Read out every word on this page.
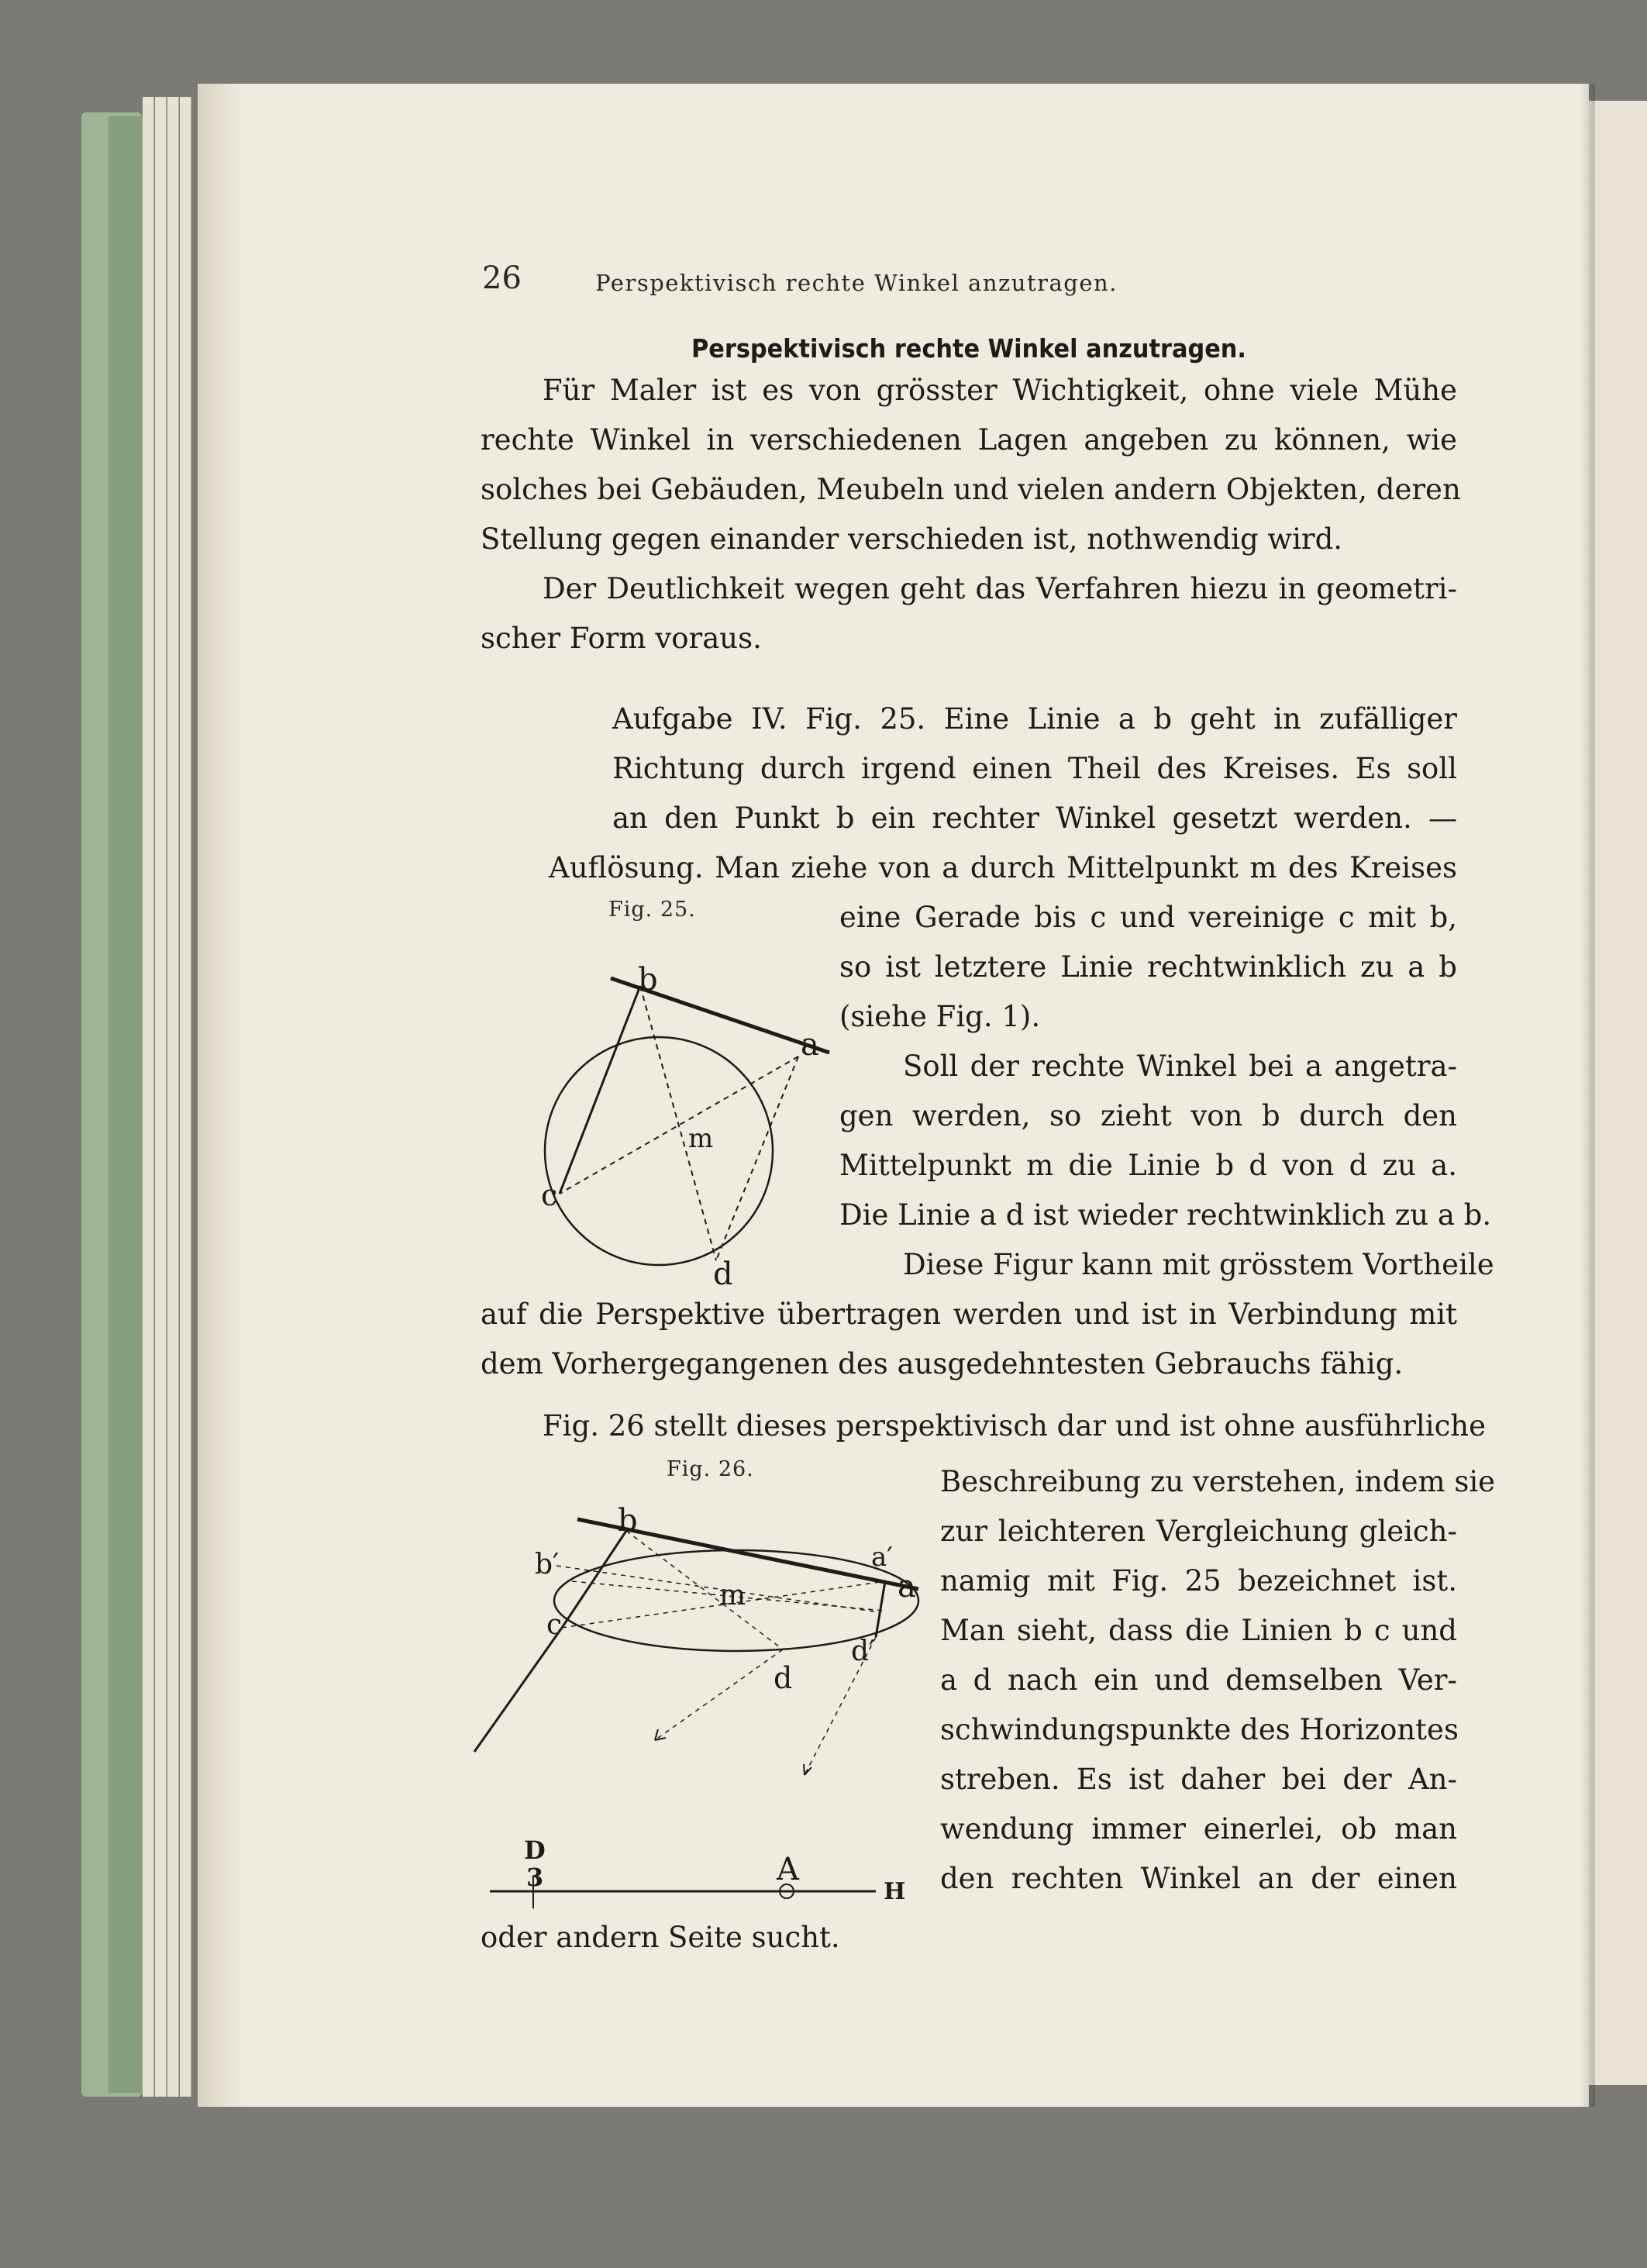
26	Perspektivisch rechte Winkel anzutragen.
Perspektivisch rechte Winkel anzutragen.
Für Maler ist es von grösster Wichtigkeit, ohne viele Mühe
rechte Winkel in verschiedenen Lagen angeben zu können, wie
solches bei Gebäuden, Meubeln und vielen andern Objekten, deren
Stellung gegen einander verschieden ist, nothwendig wird.
Der Deutlichkeit wegen geht das Verfahren hiezu in geometri-
scher Form voraus.
Aufgabe IV. Fig. 25. Eine Linie a b geht in zufälliger
Richtung durch irgend einen Theil des Kreises. Es soll
an den Punkt b ein rechter Winkel gesetzt werden. —
Auflösung. Man ziehe von a durch Mittelpunkt m des Kreises
Fig. 25.	eine Gerade bis c und vereinige c mit b,
so ist letztere Linie rechtwinklich zu a b
(siehe Fig. 1).
Soll der rechte Winkel bei a angetra-
gen werden, so zieht von b durch den
Mittelpunkt m die Linie b d von d zu a.
Die Linie a d ist wieder rechtwinklich zu a b.
Diese Figur kann mit grösstem Vortheile
auf die Perspektive übertragen werden und ist in Verbindung mit
dem Vorhergegangenen des ausgedehntesten Gebrauchs fähig.
Fig. 26 stellt dieses perspektivisch dar und ist ohne ausführliche
Fig. 26.	Beschreibung zu verstehen, indem sie
zur leichteren Vergleichung gleich-
namig mit Fig. 25 bezeichnet ist.
Man sieht, dass die Linien b c und
a d nach ein und demselben Ver-
schwindungspunkte des Horizontes
streben. Es ist daher bei der An-
wendung immer einerlei, ob man
den rechten Winkel an der einen
oder andern Seite sucht.
b
a
m
c
d
b
b′	a′
a
m
c
d′
d
D
3	A
H
